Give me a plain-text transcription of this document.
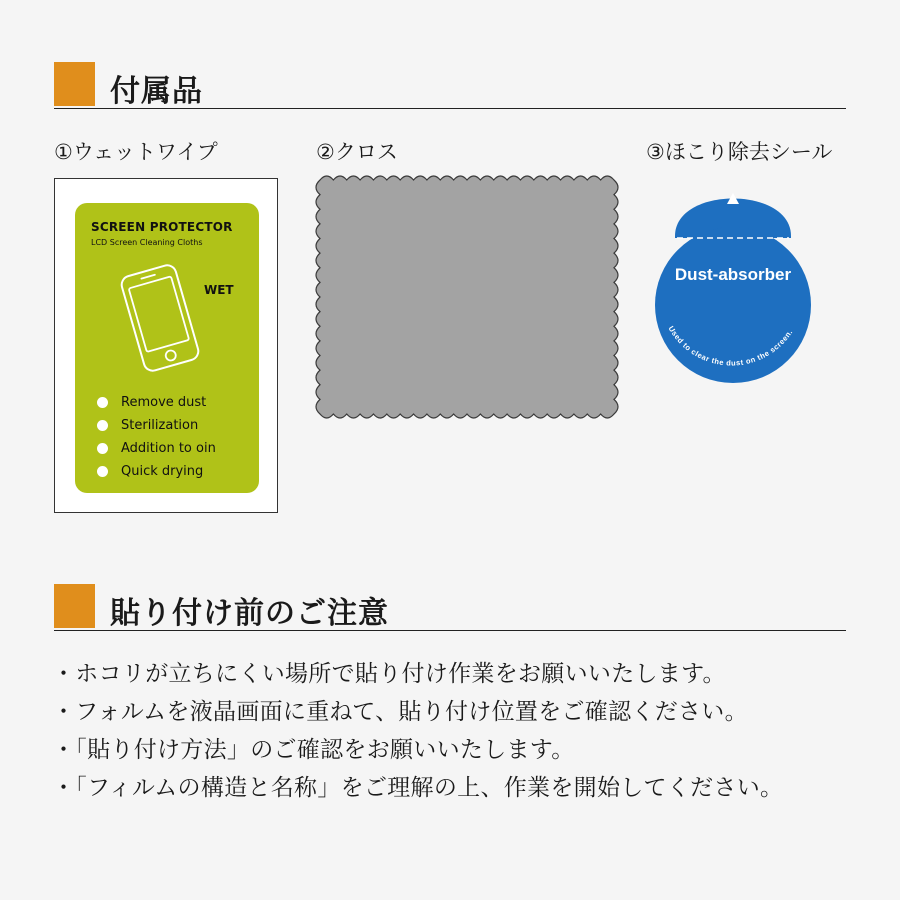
付属品
①ウェットワイプ	②クロス	③ほこり除去シール
SCREEN PROTECTOR
LCD Screen Cleaning Cloths
WET
Remove dust
Sterilization
Addition to oin
Quick drying
Dust-absorber
Used to clear the dust on the screen.
貼り付け前のご注意
・ホコリが立ちにくい場所で貼り付け作業をお願いいたします。
・フォルムを液晶画面に重ねて、貼り付け位置をご確認ください。
・「貼り付け方法」のご確認をお願いいたします。
・「フィルムの構造と名称」をご理解の上、作業を開始してください。
